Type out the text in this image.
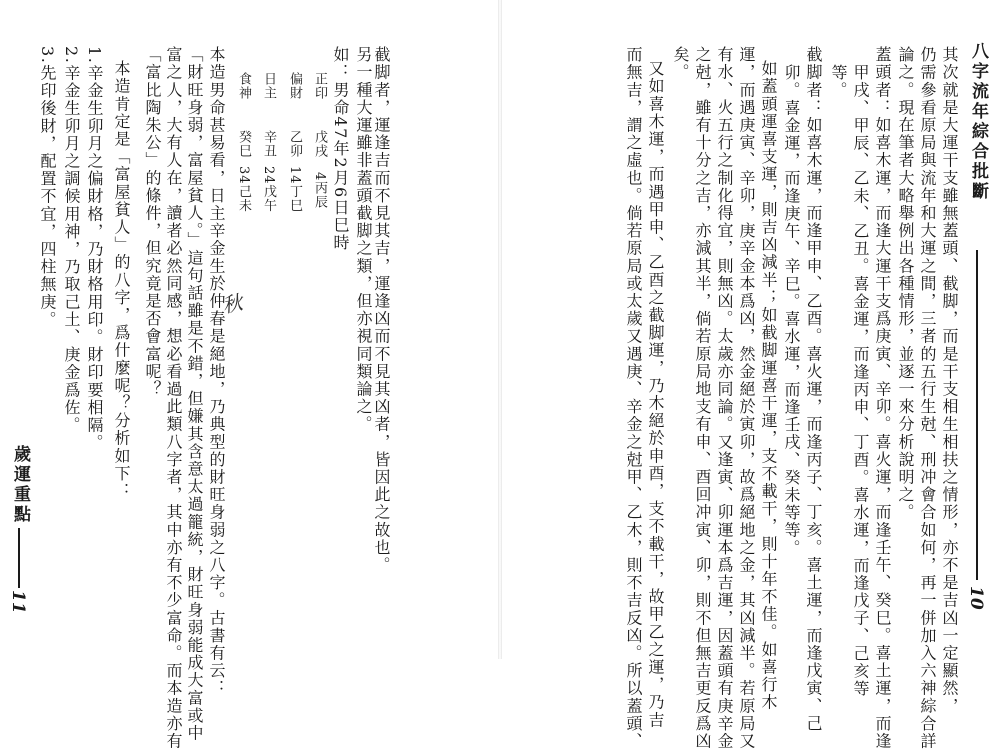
截脚者，運逢吉而不見其吉，運逢凶而不見其凶者，皆因此之故也。
另一種大運雖非蓋頭截脚之類，但亦視同類論之。
如：男命47年2月6日巳時
正印
戊戌
4丙辰
偏財
乙卯
14丁巳
日主
辛丑
24戊午
食神
癸巳
34己未
秋
本造男命甚易看，日主辛金生於仲春是絕地，乃典型的財旺身弱之八字。古書有云：
「財旺身弱，富屋貧人。」這句話雖是不錯，但嫌其含意太過籠統，財旺身弱能成大富或中
富之人，大有人在，讀者必然同感，想必看過此類八字者，其中亦有不少富命。而本造亦有
「富比陶朱公」的條件，但究竟是否會富呢？
本造肯定是「富屋貧人」的八字，爲什麼呢？分析如下：
1.辛金生卯月之偏財格，乃財格用印。財印要相隔。
2.辛金生卯月之調候用神，乃取己土、庚金爲佐。
3.先印後財，配置不宜，四柱無庚。
歲運重點
11	其次就是大運干支雖無蓋頭、截脚，而是干支相生相扶之情形，亦不是吉凶一定顯然，
仍需參看原局與流年和大運之間，三者的五行生尅、刑冲會合如何，再一併加入六神綜合詳
論之。現在筆者大略舉例出各種情形，並逐一來分析說明之。
蓋頭者：如喜木運，而逢大運干支爲庚寅、辛卯。喜火運，而逢壬午、癸巳。喜土運，而逢
甲戌、甲辰、乙未、乙丑。喜金運，而逢丙申、丁酉。喜水運，而逢戊子、己亥等
等。
截脚者：如喜木運，而逢甲申、乙酉。喜火運，而逢丙子、丁亥。喜土運，而逢戊寅、己
卯。喜金運，而逢庚午、辛巳。喜水運，而逢壬戌、癸未等等。
如蓋頭運喜支運，則吉凶減半；如截脚運喜干運，支不載干，則十年不佳。如喜行木
運，而遇庚寅、辛卯，庚辛金本爲凶，然金絕於寅卯，故爲絕地之金，其凶減半。若原局又
有水、火五行之制化得宜，則無凶。太歲亦同論。又逢寅、卯運本爲吉運，因蓋頭有庚辛金
之尅，雖有十分之吉，亦減其半，倘若原局地支有申、酉回冲寅、卯，則不但無吉更反爲凶
矣。
又如喜木運，而遇甲申、乙酉之截脚運，乃木絕於申酉，支不載干，故甲乙之運，乃吉
而無吉，謂之虛也。倘若原局或太歲又遇庚、辛金之尅甲、乙木，則不吉反凶。所以蓋頭、	八字流年綜合批斷
10
